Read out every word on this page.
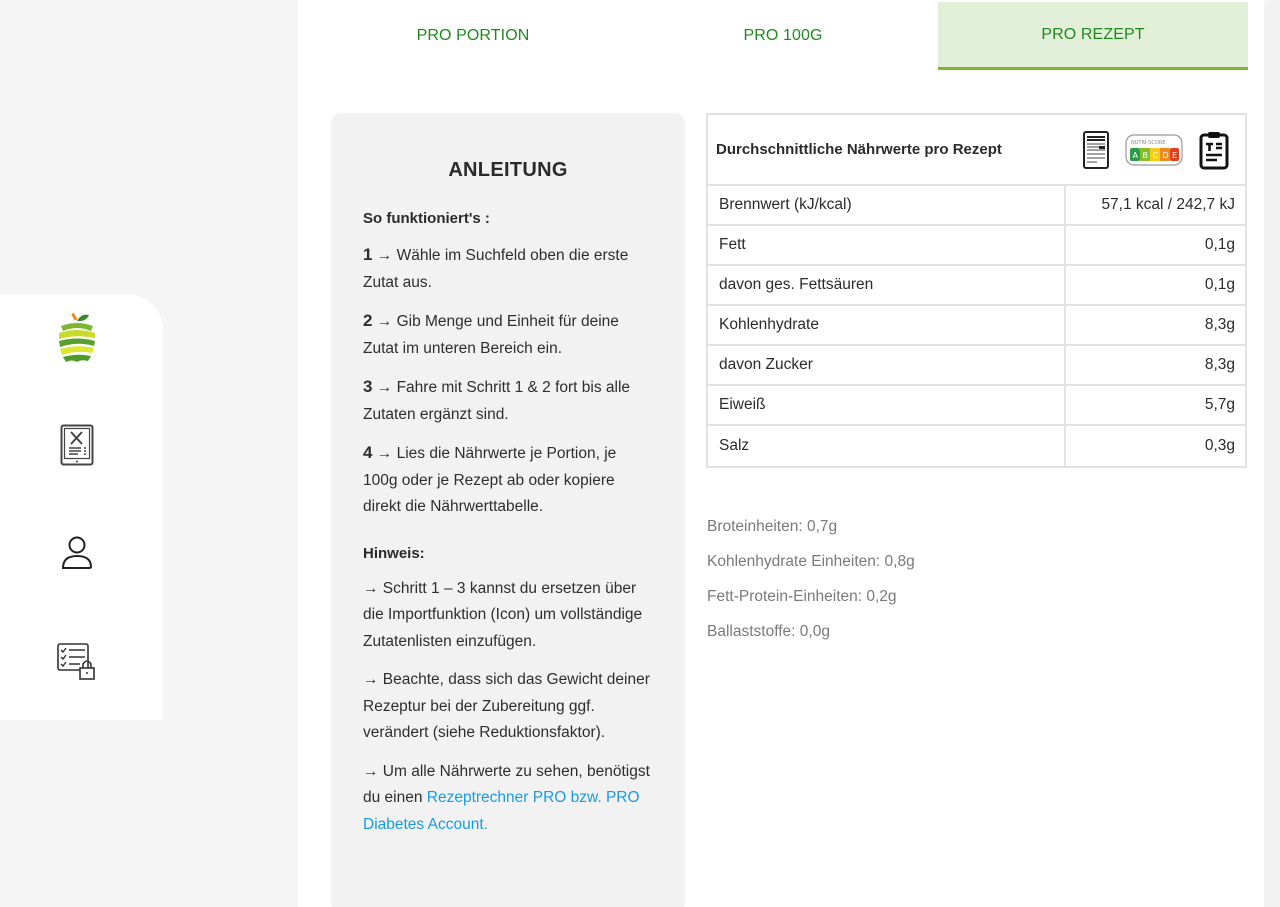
PRO PORTION	PRO 100G	PRO REZEPT
ANLEITUNG
So funktioniert's :

1 → Wähle im Suchfeld oben die erste Zutat aus.

2 → Gib Menge und Einheit für deine Zutat im unteren Bereich ein.

3 → Fahre mit Schritt 1 & 2 fort bis alle Zutaten ergänzt sind.

4 → Lies die Nährwerte je Portion, je 100g oder je Rezept ab oder kopiere direkt die Nährwerttabelle.

Hinweis:

→ Schritt 1 – 3 kannst du ersetzen über die Importfunktion (Icon) um vollständige Zutatenlisten einzufügen.

→ Beachte, dass sich das Gewicht deiner Rezeptur bei der Zubereitung ggf. verändert (siehe Reduktionsfaktor).

→ Um alle Nährwerte zu sehen, benötigst du einen Rezeptrechner PRO bzw. PRO Diabetes Account.

Durchschnittliche Nährwerte pro Rezept	NUTRI-SCORE
A B C D E
Brennwert (kJ/kcal)	57,1 kcal / 242,7 kJ
Fett	0,1g
davon ges. Fettsäuren	0,1g
Kohlenhydrate	8,3g
davon Zucker	8,3g
Eiweiß	5,7g
Salz	0,3g
Broteinheiten: 0,7g
Kohlenhydrate Einheiten: 0,8g
Fett-Protein-Einheiten: 0,2g
Ballaststoffe: 0,0g
